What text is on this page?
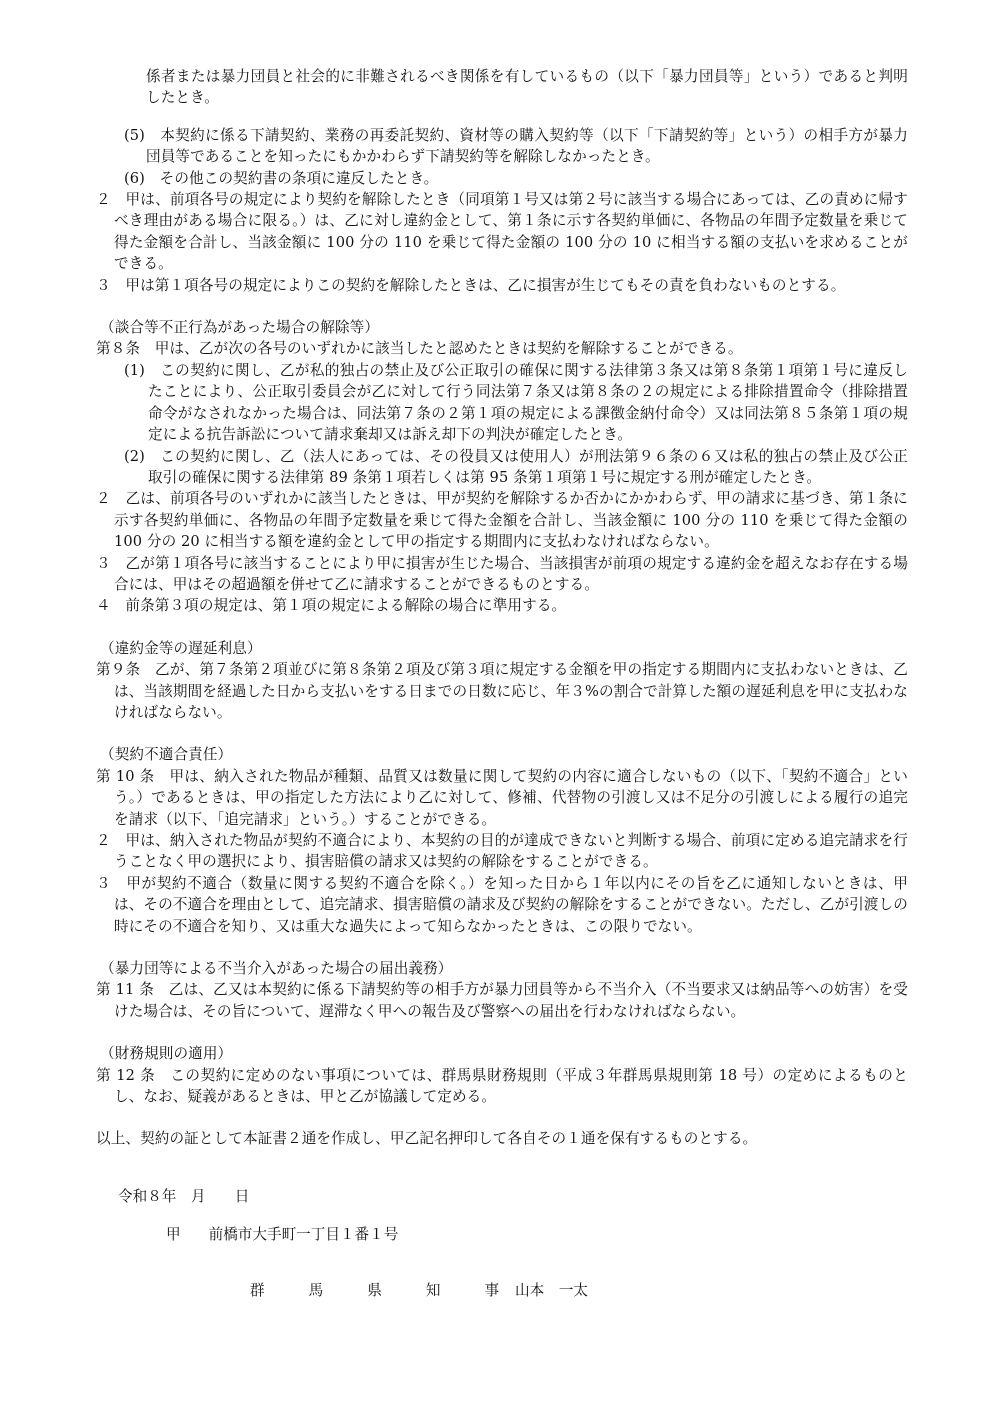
係者または暴力団員と社会的に非難されるべき関係を有しているもの（以下「暴力団員等」という）であると判明したとき。

(5)　本契約に係る下請契約、業務の再委託契約、資材等の購入契約等（以下「下請契約等」という）の相手方が暴力団員等であることを知ったにもかかわらず下請契約等を解除しなかったとき。

(6)　その他この契約書の条項に違反したとき。

２　甲は、前項各号の規定により契約を解除したとき（同項第１号又は第２号に該当する場合にあっては、乙の責めに帰すべき理由がある場合に限る。）は、乙に対し違約金として、第１条に示す各契約単価に、各物品の年間予定数量を乗じて得た金額を合計し、当該金額に 100 分の 110 を乗じて得た金額の 100 分の 10 に相当する額の支払いを求めることができる。

３　甲は第１項各号の規定によりこの契約を解除したときは、乙に損害が生じてもその責を負わないものとする。

（談合等不正行為があった場合の解除等）

第８条　甲は、乙が次の各号のいずれかに該当したと認めたときは契約を解除することができる。

(1)　この契約に関し、乙が私的独占の禁止及び公正取引の確保に関する法律第３条又は第８条第１項第１号に違反したことにより、公正取引委員会が乙に対して行う同法第７条又は第８条の２の規定による排除措置命令（排除措置命令がなされなかった場合は、同法第７条の２第１項の規定による課徴金納付命令）又は同法第８５条第１項の規定による抗告訴訟について請求棄却又は訴え却下の判決が確定したとき。

(2)　この契約に関し、乙（法人にあっては、その役員又は使用人）が刑法第９６条の６又は私的独占の禁止及び公正取引の確保に関する法律第 89 条第１項若しくは第 95 条第１項第１号に規定する刑が確定したとき。

２　乙は、前項各号のいずれかに該当したときは、甲が契約を解除するか否かにかかわらず、甲の請求に基づき、第１条に示す各契約単価に、各物品の年間予定数量を乗じて得た金額を合計し、当該金額に 100 分の 110 を乗じて得た金額の 100 分の 20 に相当する額を違約金として甲の指定する期間内に支払わなければならない。

３　乙が第１項各号に該当することにより甲に損害が生じた場合、当該損害が前項の規定する違約金を超えなお存在する場合には、甲はその超過額を併せて乙に請求することができるものとする。

４　前条第３項の規定は、第１項の規定による解除の場合に準用する。

（違約金等の遅延利息）

第９条　乙が、第７条第２項並びに第８条第２項及び第３項に規定する金額を甲の指定する期間内に支払わないときは、乙は、当該期間を経過した日から支払いをする日までの日数に応じ、年３%の割合で計算した額の遅延利息を甲に支払わなければならない。

（契約不適合責任）

第 10 条　甲は、納入された物品が種類、品質又は数量に関して契約の内容に適合しないもの（以下、「契約不適合」という。）であるときは、甲の指定した方法により乙に対して、修補、代替物の引渡し又は不足分の引渡しによる履行の追完を請求（以下、「追完請求」という。）することができる。

２　甲は、納入された物品が契約不適合により、本契約の目的が達成できないと判断する場合、前項に定める追完請求を行うことなく甲の選択により、損害賠償の請求又は契約の解除をすることができる。

３　甲が契約不適合（数量に関する契約不適合を除く。）を知った日から１年以内にその旨を乙に通知しないときは、甲は、その不適合を理由として、追完請求、損害賠償の請求及び契約の解除をすることができない。ただし、乙が引渡しの時にその不適合を知り、又は重大な過失によって知らなかったときは、この限りでない。

（暴力団等による不当介入があった場合の届出義務）

第 11 条　乙は、乙又は本契約に係る下請契約等の相手方が暴力団員等から不当介入（不当要求又は納品等への妨害）を受けた場合は、その旨について、遅滞なく甲への報告及び警察への届出を行わなければならない。

（財務規則の適用）

第 12 条　この契約に定めのない事項については、群馬県財務規則（平成３年群馬県規則第 18 号）の定めによるものとし、なお、疑義があるときは、甲と乙が協議して定める。

以上、契約の証として本証書２通を作成し、甲乙記名押印して各自その１通を保有するものとする。

令和８年　月　　日
甲 前橋市大手町一丁目１番１号
群	馬	県	知	事 山本　一太
